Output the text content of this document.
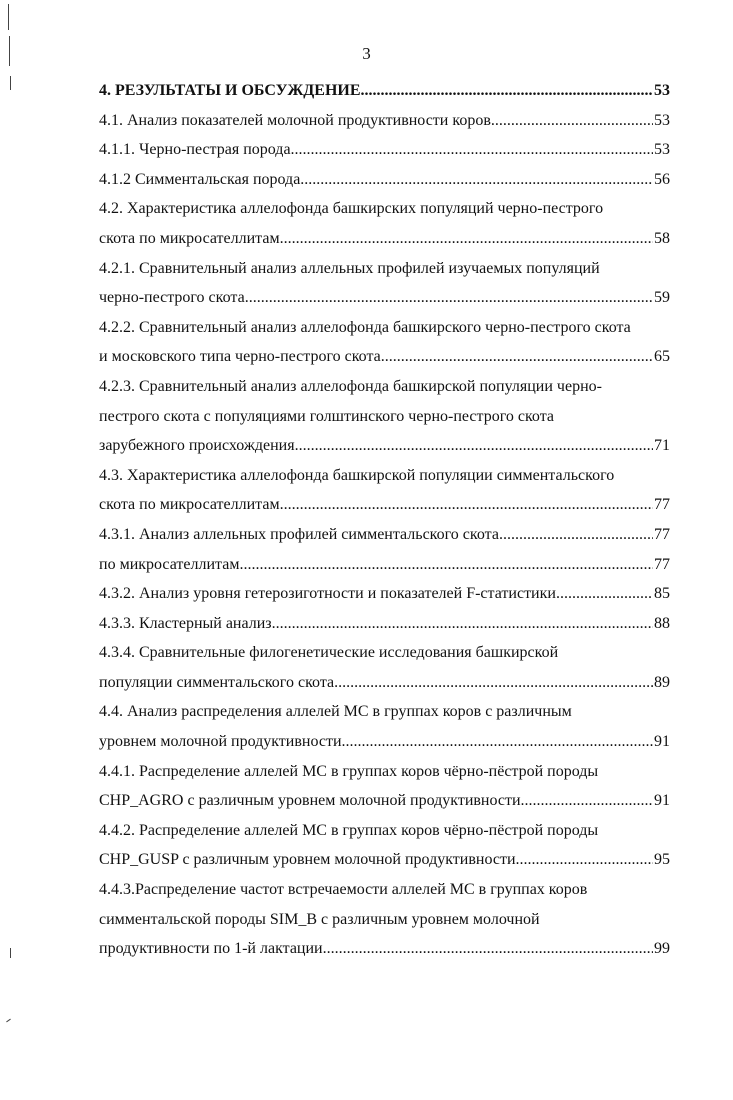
3
4. РЕЗУЛЬТАТЫ И ОБСУЖДЕНИЕ .....	53
4.1. Анализ показателей молочной продуктивности коров .....	53
4.1.1. Черно-пестрая порода .....	53
4.1.2 Симментальская порода .....	56
4.2. Характеристика аллелофонда башкирских популяций черно-пестрого
скота по микросателлитам .....	58
4.2.1. Сравнительный анализ аллельных профилей изучаемых популяций
черно-пестрого скота .....	59
4.2.2. Сравнительный анализ аллелофонда башкирского черно-пестрого скота
и московского типа черно-пестрого скота .....	65
4.2.3. Сравнительный анализ аллелофонда башкирской популяции черно-
пестрого скота с популяциями голштинского черно-пестрого скота
зарубежного происхождения .....	71
4.3. Характеристика аллелофонда башкирской популяции симментальского
скота по микросателлитам .....	77
4.3.1. Анализ аллельных профилей симментальского скота .....	77
по микросателлитам .....	77
4.3.2. Анализ уровня гетерозиготности и показателей F-статистики .....	85
4.3.3. Кластерный анализ .....	88
4.3.4. Сравнительные филогенетические исследования башкирской
популяции симментальского скота .....	89
4.4. Анализ распределения аллелей МС в группах коров с различным
уровнем молочной продуктивности .....	91
4.4.1. Распределение аллелей МС в группах коров чёрно-пёстрой породы
CHP_AGRO с различным уровнем молочной продуктивности .....	91
4.4.2. Распределение аллелей МС в группах коров чёрно-пёстрой породы
CHP_GUSP с различным уровнем молочной продуктивности .....	95
4.4.3.Распределение частот встречаемости аллелей МС в группах коров
симментальской породы SIM_B с различным уровнем молочной
продуктивности по 1-й лактации .....	99
